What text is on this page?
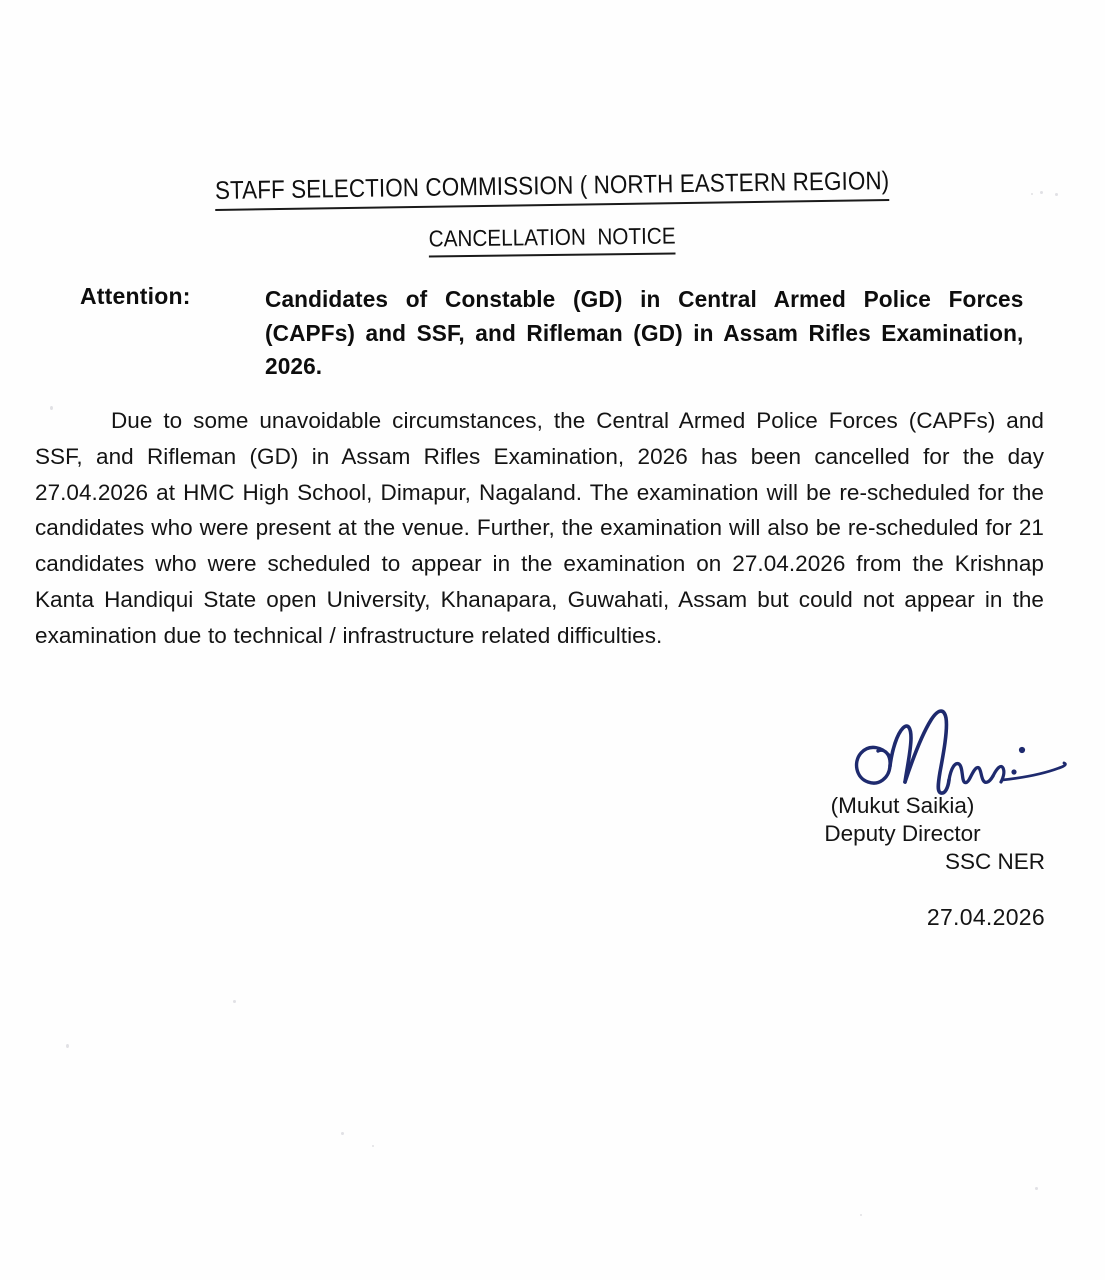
STAFF SELECTION COMMISSION ( NORTH EASTERN REGION)
CANCELLATION  NOTICE
Attention:	Candidates of Constable (GD) in Central Armed Police Forces (CAPFs) and SSF, and Rifleman (GD) in Assam Rifles Examination, 2026.
Due to some unavoidable circumstances, the Central Armed Police Forces (CAPFs) and SSF, and Rifleman (GD) in Assam Rifles Examination, 2026 has been cancelled for the day 27.04.2026 at HMC High School, Dimapur, Nagaland. The examination will be re-scheduled for the candidates who were present at the venue. Further, the examination will also be re-scheduled for 21 candidates who were scheduled to appear in the examination on 27.04.2026 from the Krishnap Kanta Handiqui State open University, Khanapara, Guwahati, Assam but could not appear in the examination due to technical / infrastructure related difficulties.
(Mukut Saikia)
Deputy Director
SSC NER
27.04.2026
